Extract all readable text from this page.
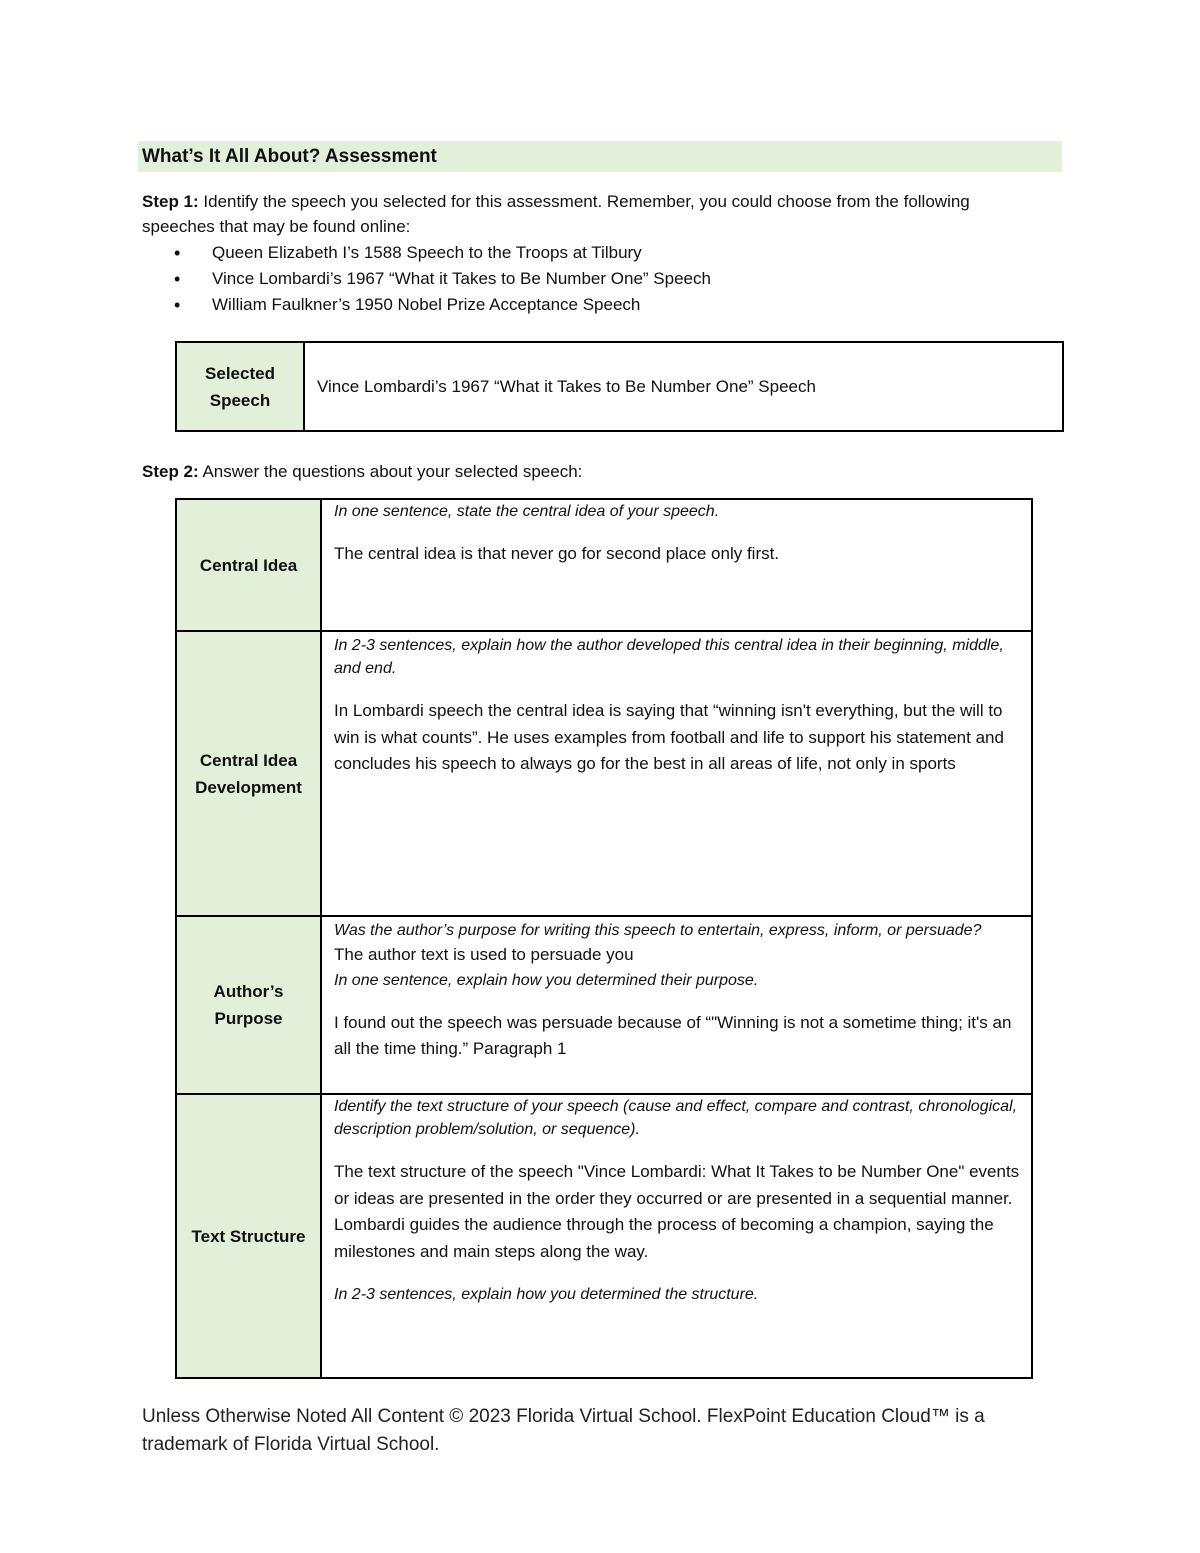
What’s It All About? Assessment
Step 1: Identify the speech you selected for this assessment. Remember, you could choose from the following speeches that may be found online:
• Queen Elizabeth I’s 1588 Speech to the Troops at Tilbury
• Vince Lombardi’s 1967 “What it Takes to Be Number One” Speech
• William Faulkner’s 1950 Nobel Prize Acceptance Speech
Selected Speech	Vince Lombardi’s 1967 “What it Takes to Be Number One” Speech
Step 2: Answer the questions about your selected speech:
Central Idea	In one sentence, state the central idea of your speech.
The central idea is that never go for second place only first.

Central Idea Development	In 2-3 sentences, explain how the author developed this central idea in their beginning, middle, and end.
In Lombardi speech the central idea is saying that “winning isn't everything, but the will to win is what counts”. He uses examples from football and life to support his statement and concludes his speech to always go for the best in all areas of life, not only in sports

Author’s Purpose	Was the author’s purpose for writing this speech to entertain, express, inform, or persuade?
The author text is used to persuade you
In one sentence, explain how you determined their purpose.
I found out the speech was persuade because of “"Winning is not a sometime thing; it's an all the time thing.” Paragraph 1

Text Structure	Identify the text structure of your speech (cause and effect, compare and contrast, chronological, description problem/solution, or sequence).
The text structure of the speech "Vince Lombardi: What It Takes to be Number One" events or ideas are presented in the order they occurred or are presented in a sequential manner. Lombardi guides the audience through the process of becoming a champion, saying the milestones and main steps along the way.
In 2-3 sentences, explain how you determined the structure.
Unless Otherwise Noted All Content © 2023 Florida Virtual School. FlexPoint Education Cloud™ is a trademark of Florida Virtual School.
